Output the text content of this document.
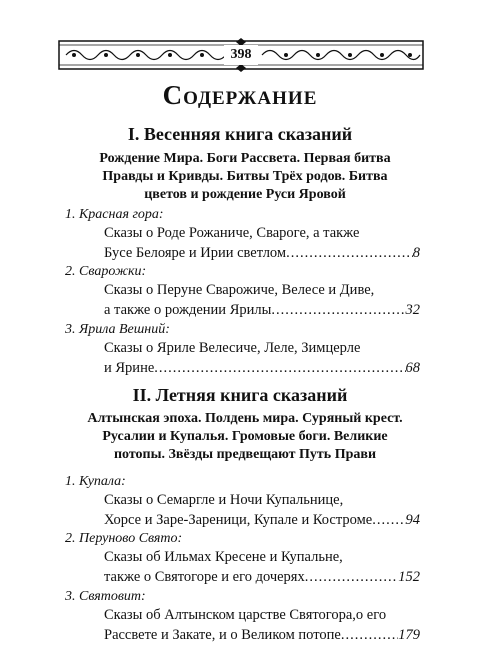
398
Содержание
I. Весенняя книга сказаний
Рождение Мира. Боги Рассвета. Первая битва
Правды и Кривды. Битвы Трёх родов. Битва
цветов и рождение Руси Яровой
1. Красная гора:
Сказы о Роде Рожаниче, Свароге, а также
Бусе Белояре и Ирии светлом .....	8
2. Сварожки:
Сказы о Перуне Сварожиче, Велесе и Диве,
а также о рождении Ярилы .....	32
3. Ярила Вешний:
Сказы о Яриле Велесиче, Леле, Зимцерле
и Ярине .....	68
II. Летняя книга сказаний
Алтынская эпоха. Полдень мира. Суряный крест.
Русалии и Купалья. Громовые боги. Великие
потопы. Звёзды предвещают Путь Прави
1. Купала:
Сказы о Семаргле и Ночи Купальнице,
Хорсе и Заре-Зареници, Купале и Костроме ..... 94
2. Перуново Свято:
Сказы об Ильмах Кресене и Купальне,
также о Святогоре и его дочерях .....	152
3. Святовит:
Сказы об Алтынском царстве Святогора,о его
Рассвете и Закате, и о Великом потопе .....	179
